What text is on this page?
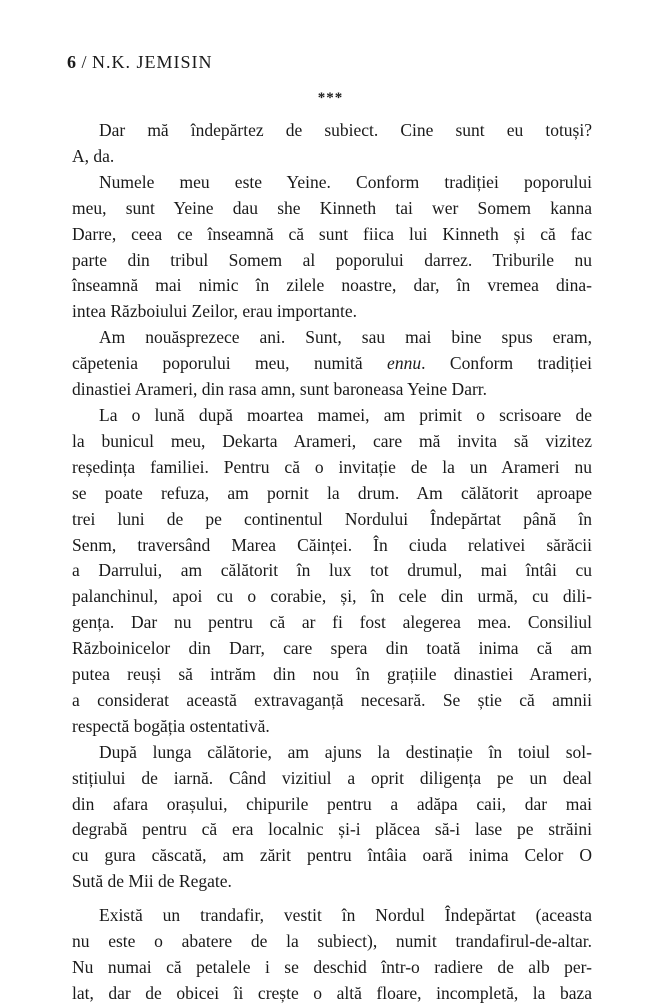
6 / N.K. JEMISIN
***

Dar mă îndepărtez de subiect. Cine sunt eu totuși?
A, da.

Numele meu este Yeine. Conform tradiției poporului
meu, sunt Yeine dau she Kinneth tai wer Somem kanna
Darre, ceea ce înseamnă că sunt fiica lui Kinneth și că fac
parte din tribul Somem al poporului darrez. Triburile nu
înseamnă mai nimic în zilele noastre, dar, în vremea dina-
intea Războiului Zeilor, erau importante.

Am nouăsprezece ani. Sunt, sau mai bine spus eram,
căpetenia poporului meu, numită ennu. Conform tradiției
dinastiei Arameri, din rasa amn, sunt baroneasa Yeine Darr.

La o lună după moartea mamei, am primit o scrisoare de
la bunicul meu, Dekarta Arameri, care mă invita să vizitez
reședința familiei. Pentru că o invitație de la un Arameri nu
se poate refuza, am pornit la drum. Am călătorit aproape
trei luni de pe continentul Nordului Îndepărtat până în
Senm, traversând Marea Căinței. În ciuda relativei sărăcii
a Darrului, am călătorit în lux tot drumul, mai întâi cu
palanchinul, apoi cu o corabie, și, în cele din urmă, cu dili-
gența. Dar nu pentru că ar fi fost alegerea mea. Consiliul
Războinicelor din Darr, care spera din toată inima că am
putea reuși să intrăm din nou în grațiile dinastiei Arameri,
a considerat această extravaganță necesară. Se știe că amnii
respectă bogăția ostentativă.

După lunga călătorie, am ajuns la destinație în toiul sol-
stițiului de iarnă. Când vizitiul a oprit diligența pe un deal
din afara orașului, chipurile pentru a adăpa caii, dar mai
degrabă pentru că era localnic și-i plăcea să-i lase pe străini
cu gura căscată, am zărit pentru întâia oară inima Celor O
Sută de Mii de Regate.

Există un trandafir, vestit în Nordul Îndepărtat (aceasta
nu este o abatere de la subiect), numit trandafirul-de-altar.
Nu numai că petalele i se deschid într-o radiere de alb per-
lat, dar de obicei îi crește o altă floare, incompletă, la baza
